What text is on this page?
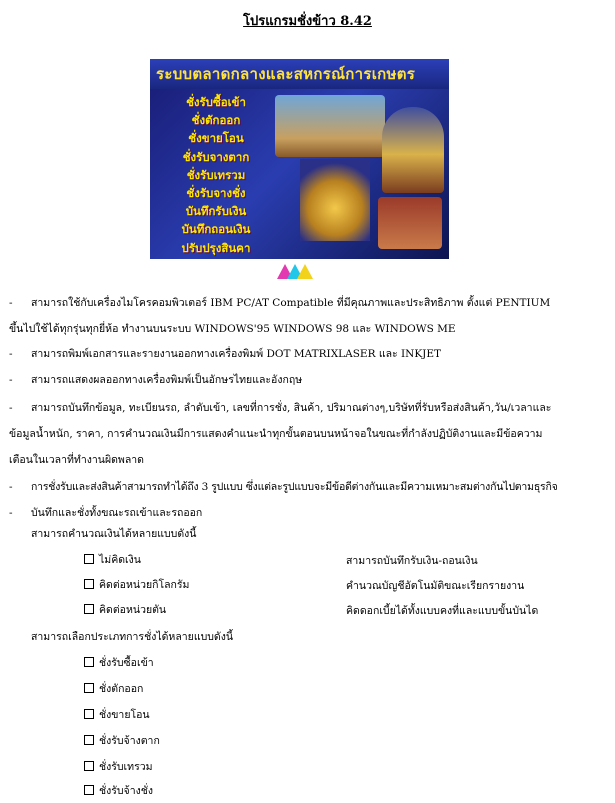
โปรแกรมชั่งข้าว 8.42
ระบบตลาดกลางและสหกรณ์การเกษตร
ชั่งรับซื้อเข้า
ชั่งตักออก
ชั่งขายโอน
ชั่งรับจางตาก
ชั่งรับเทรวม
ชั่งรับจางชั่ง
บันทึกรับเงิน
บันทึกถอนเงิน
ปรับปรุงสินคา
ADVANCE SOLUTION INTERNATIONAL
TEL.2136373-6 , FAX.6751763-4
- สามารถใช้กับเครื่องไมโครคอมพิวเตอร์ IBM PC/AT Compatible ที่มีคุณภาพและประสิทธิภาพ ตั้งแต่ PENTIUM
ขึ้นไปใช้ได้ทุกรุ่นทุกยี่ห้อ ทำงานบนระบบ WINDOWS'95 WINDOWS 98 และ WINDOWS ME
- สามารถพิมพ์เอกสารและรายงานออกทางเครื่องพิมพ์ DOT MATRIXLASER และ INKJET
- สามารถแสดงผลออกทางเครื่องพิมพ์เป็นอักษรไทยและอังกฤษ
- สามารถบันทึกข้อมูล, ทะเบียนรถ, ลำดับเข้า, เลขที่การชั่ง, สินค้า, ปริมาณต่างๆ,บริษัทที่รับหรือส่งสินค้า,วัน/เวลาและ
ข้อมูลน้ำหนัก, ราคา, การคำนวณเงินมีการแสดงคำแนะนำทุกขั้นตอนบนหน้าจอในขณะที่กำลังปฏิบัติงานและมีข้อความ
เตือนในเวลาที่ทำงานผิดพลาด
- การชั่งรับและส่งสินค้าสามารถทำได้ถึง 3 รูปแบบ ซึ่งแต่ละรูปแบบจะมีข้อดีต่างกันและมีความเหมาะสมต่างกันไปตามธุรกิจ
- บันทึกและชั่งทั้งขณะรถเข้าและรถออก
สามารถคำนวณเงินได้หลายแบบดังนี้
ไม่คิดเงิน
คิดต่อหน่วยกิโลกรัม
คิดต่อหน่วยตัน
สามารถบันทึกรับเงิน-ถอนเงิน
คำนวณบัญชีอัตโนมัติขณะเรียกรายงาน
คิดดอกเบี้ยได้ทั้งแบบคงที่และแบบขั้นบันได
สามารถเลือกประเภทการชั่งได้หลายแบบดังนี้
ชั่งรับซื้อเข้า
ชั่งตักออก
ชั่งขายโอน
ชั่งรับจ้างตาก
ชั่งรับเทรวม
ชั่งรับจ้างชั่ง
